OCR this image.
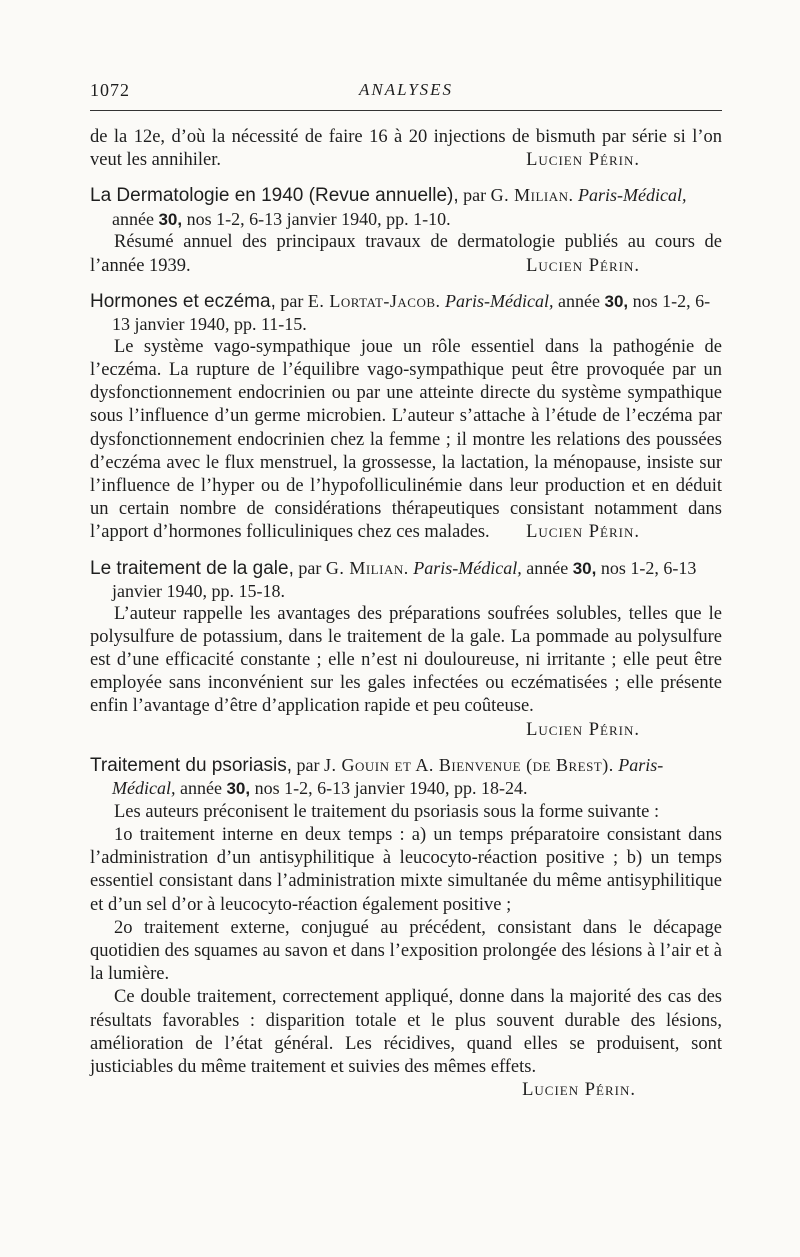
1072	ANALYSES

de la 12e, d’où la nécessité de faire 16 à 20 injections de bismuth par série si l’on veut les annihiler.	Lucien Périn.

La Dermatologie en 1940 (Revue annuelle), par G. Milian. Paris-Médical, année 30, nos 1-2, 6-13 janvier 1940, pp. 1-10.

Résumé annuel des principaux travaux de dermatologie publiés au cours de l’année 1939.	Lucien Périn.

Hormones et eczéma, par E. Lortat-Jacob. Paris-Médical, année 30, nos 1-2, 6-13 janvier 1940, pp. 11-15.

Le système vago-sympathique joue un rôle essentiel dans la pathogénie de l’eczéma. La rupture de l’équilibre vago-sympathique peut être provoquée par un dysfonctionnement endocrinien ou par une atteinte directe du système sympathique sous l’influence d’un germe microbien. L’auteur s’attache à l’étude de l’eczéma par dysfonctionnement endocrinien chez la femme ; il montre les relations des poussées d’eczéma avec le flux menstruel, la grossesse, la lactation, la ménopause, insiste sur l’influence de l’hyper ou de l’hypofolliculinémie dans leur production et en déduit un certain nombre de considérations thérapeutiques consistant notamment dans l’apport d’hormones folliculiniques chez ces malades.	Lucien Périn.

Le traitement de la gale, par G. Milian. Paris-Médical, année 30, nos 1-2, 6-13 janvier 1940, pp. 15-18.

L’auteur rappelle les avantages des préparations soufrées solubles, telles que le polysulfure de potassium, dans le traitement de la gale. La pommade au polysulfure est d’une efficacité constante ; elle n’est ni douloureuse, ni irritante ; elle peut être employée sans inconvénient sur les gales infectées ou eczématisées ; elle présente enfin l’avantage d’être d’application rapide et peu coûteuse.
Lucien Périn.

Traitement du psoriasis, par J. Gouin et A. Bienvenue (de Brest). Paris-Médical, année 30, nos 1-2, 6-13 janvier 1940, pp. 18-24.

Les auteurs préconisent le traitement du psoriasis sous la forme suivante :

1o traitement interne en deux temps : a) un temps préparatoire consistant dans l’administration d’un antisyphilitique à leucocyto-réaction positive ; b) un temps essentiel consistant dans l’administration mixte simultanée du même antisyphilitique et d’un sel d’or à leucocyto-réaction également positive ;

2o traitement externe, conjugué au précédent, consistant dans le décapage quotidien des squames au savon et dans l’exposition prolongée des lésions à l’air et à la lumière.

Ce double traitement, correctement appliqué, donne dans la majorité des cas des résultats favorables : disparition totale et le plus souvent durable des lésions, amélioration de l’état général. Les récidives, quand elles se produisent, sont justiciables du même traitement et suivies des mêmes effets.
Lucien Périn.
